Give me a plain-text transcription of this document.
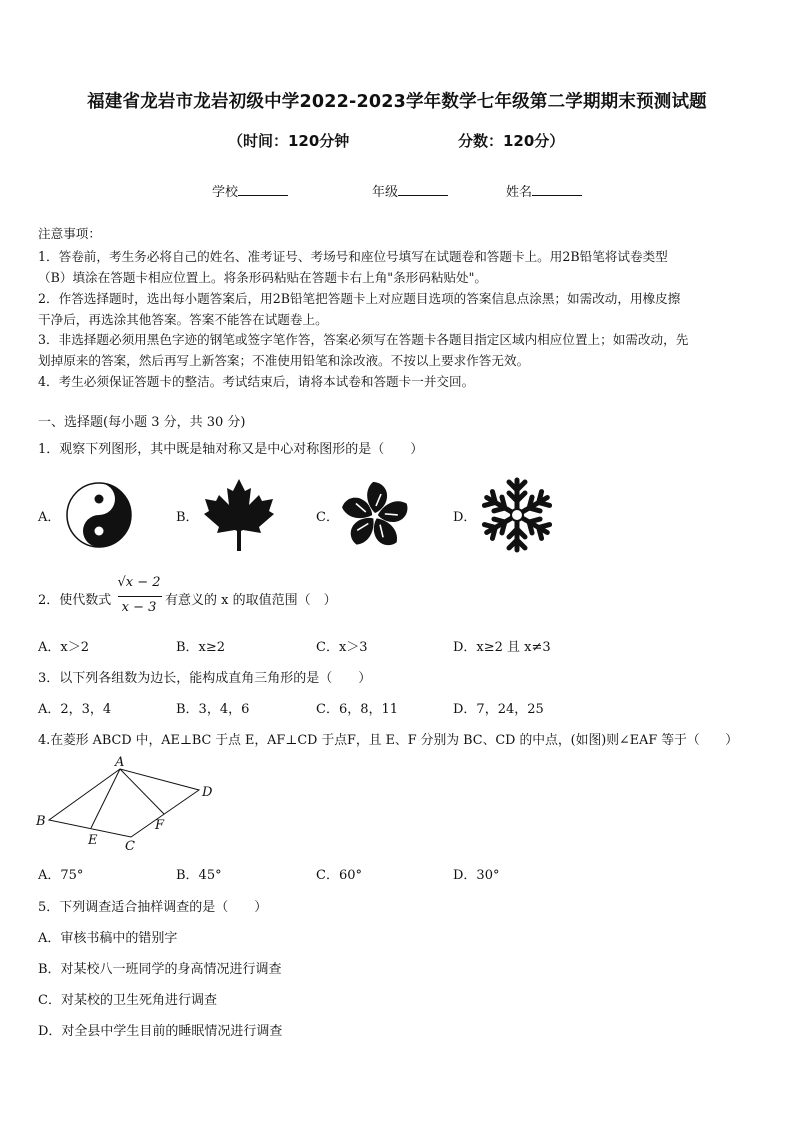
福建省龙岩市龙岩初级中学2022-2023学年数学七年级第二学期期末预测试题
（时间：120分钟	分数：120分）
学校	年级	姓名
注意事项：
1．答卷前，考生务必将自己的姓名、准考证号、考场号和座位号填写在试题卷和答题卡上。用2B铅笔将试卷类型
（B）填涂在答题卡相应位置上。将条形码粘贴在答题卡右上角"条形码粘贴处"。
2．作答选择题时，选出每小题答案后，用2B铅笔把答题卡上对应题目选项的答案信息点涂黑；如需改动，用橡皮擦
干净后，再选涂其他答案。答案不能答在试题卷上。
3．非选择题必须用黑色字迹的钢笔或签字笔作答，答案必须写在答题卡各题目指定区域内相应位置上；如需改动，先
划掉原来的答案，然后再写上新答案；不准使用铅笔和涂改液。不按以上要求作答无效。
4．考生必须保证答题卡的整洁。考试结束后，请将本试卷和答题卡一并交回。
一、选择题(每小题 3 分，共 30 分)
1．观察下列图形，其中既是轴对称又是中心对称图形的是（　　）
A．	B．	C．	D．
2．使代数式
√x − 2
x − 3 有意义的 x 的取值范围（　）
A．x＞2	B．x≥2	C．x＞3	D．x≥2 且 x≠3
3．以下列各组数为边长，能构成直角三角形的是（　　）
A．2，3，4	B．3，4，6	C．6，8，11	D．7，24，25
4.在菱形 ABCD 中，AE⊥BC 于点 E，AF⊥CD 于点F，且 E、F 分别为 BC、CD 的中点，(如图)则∠EAF 等于（　　）
A
B
C
D
E
F
A．75°	B．45°	C．60°	D．30°
5．下列调查适合抽样调查的是（　　）
A．审核书稿中的错别字
B．对某校八一班同学的身高情况进行调查
C．对某校的卫生死角进行调查
D．对全县中学生目前的睡眠情况进行调查
